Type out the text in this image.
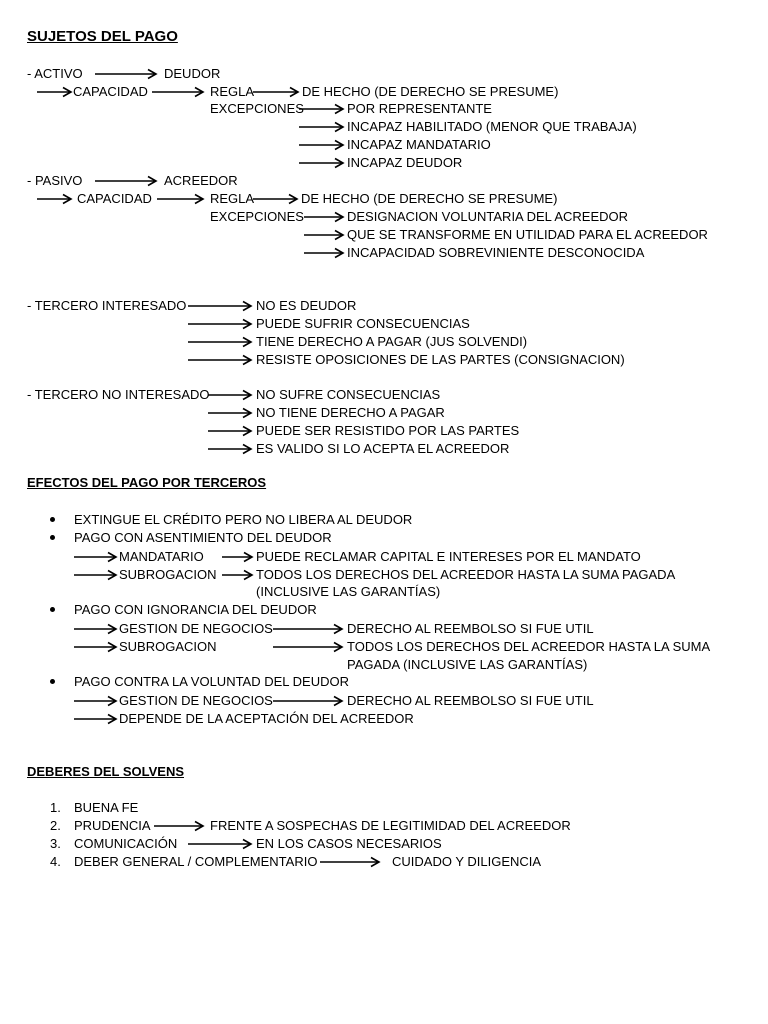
SUJETOS DEL PAGO
- ACTIVO	DEUDOR
CAPACIDAD	REGLA	DE HECHO (DE DERECHO SE PRESUME)
EXCEPCIONES	POR REPRESENTANTE
INCAPAZ HABILITADO (MENOR QUE TRABAJA)
INCAPAZ MANDATARIO
INCAPAZ DEUDOR
- PASIVO	ACREEDOR
CAPACIDAD	REGLA	DE HECHO (DE DERECHO SE PRESUME)
EXCEPCIONES	DESIGNACION VOLUNTARIA DEL ACREEDOR
QUE SE TRANSFORME EN UTILIDAD PARA EL ACREEDOR
INCAPACIDAD SOBREVINIENTE DESCONOCIDA
- TERCERO INTERESADO	NO ES DEUDOR
PUEDE SUFRIR CONSECUENCIAS
TIENE DERECHO A PAGAR (JUS SOLVENDI)
RESISTE OPOSICIONES DE LAS PARTES (CONSIGNACION)
- TERCERO NO INTERESADO	NO SUFRE CONSECUENCIAS
NO TIENE DERECHO A PAGAR
PUEDE SER RESISTIDO POR LAS PARTES
ES VALIDO SI LO ACEPTA EL ACREEDOR
EFECTOS DEL PAGO POR TERCEROS
EXTINGUE EL CRÉDITO PERO NO LIBERA AL DEUDOR
PAGO CON ASENTIMIENTO DEL DEUDOR
MANDATARIO	PUEDE RECLAMAR CAPITAL E INTERESES POR EL MANDATO
SUBROGACION	TODOS LOS DERECHOS DEL ACREEDOR HASTA LA SUMA PAGADA
(INCLUSIVE LAS GARANTÍAS)
PAGO CON IGNORANCIA DEL DEUDOR
GESTION DE NEGOCIOS	DERECHO AL REEMBOLSO SI FUE UTIL
SUBROGACION	TODOS LOS DERECHOS DEL ACREEDOR HASTA LA SUMA
PAGADA (INCLUSIVE LAS GARANTÍAS)
PAGO CONTRA LA VOLUNTAD DEL DEUDOR
GESTION DE NEGOCIOS	DERECHO AL REEMBOLSO SI FUE UTIL
DEPENDE DE LA ACEPTACIÓN DEL ACREEDOR
DEBERES DEL SOLVENS
1. BUENA FE
2. PRUDENCIA	FRENTE A SOSPECHAS DE LEGITIMIDAD DEL ACREEDOR
3. COMUNICACIÓN	EN LOS CASOS NECESARIOS
4. DEBER GENERAL / COMPLEMENTARIO	CUIDADO Y DILIGENCIA
